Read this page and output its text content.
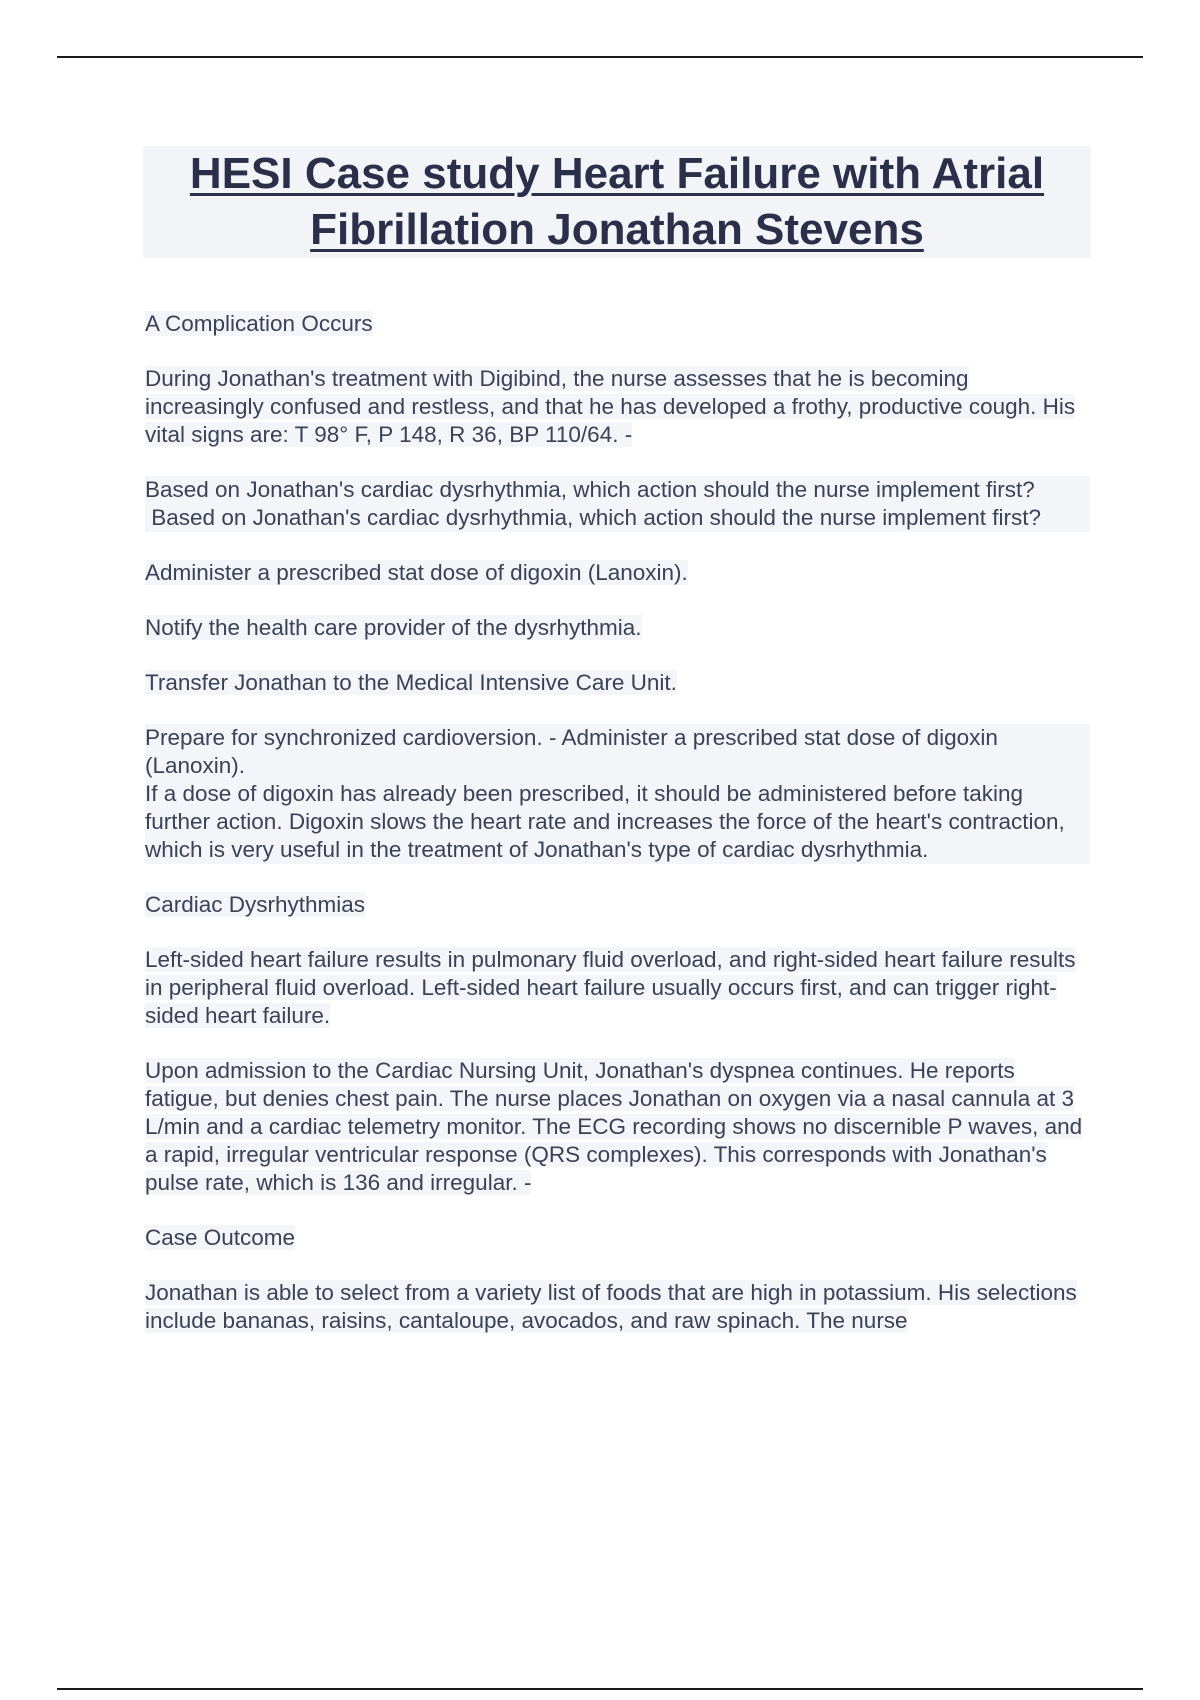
HESI Case study Heart Failure with Atrial
Fibrillation Jonathan Stevens

A Complication Occurs

During Jonathan's treatment with Digibind, the nurse assesses that he is becoming increasingly confused and restless, and that he has developed a frothy, productive cough. His vital signs are: T 98° F, P 148, R 36, BP 110/64. -

Based on Jonathan's cardiac dysrhythmia, which action should the nurse implement first?
Based on Jonathan's cardiac dysrhythmia, which action should the nurse implement first?

Administer a prescribed stat dose of digoxin (Lanoxin).

Notify the health care provider of the dysrhythmia.

Transfer Jonathan to the Medical Intensive Care Unit.

Prepare for synchronized cardioversion. - Administer a prescribed stat dose of digoxin (Lanoxin).
If a dose of digoxin has already been prescribed, it should be administered before taking further action. Digoxin slows the heart rate and increases the force of the heart's contraction, which is very useful in the treatment of Jonathan's type of cardiac dysrhythmia.

Cardiac Dysrhythmias

Left-sided heart failure results in pulmonary fluid overload, and right-sided heart failure results in peripheral fluid overload. Left-sided heart failure usually occurs first, and can trigger right-sided heart failure.

Upon admission to the Cardiac Nursing Unit, Jonathan's dyspnea continues. He reports fatigue, but denies chest pain. The nurse places Jonathan on oxygen via a nasal cannula at 3 L/min and a cardiac telemetry monitor. The ECG recording shows no discernible P waves, and a rapid, irregular ventricular response (QRS complexes). This corresponds with Jonathan's pulse rate, which is 136 and irregular. -

Case Outcome

Jonathan is able to select from a variety list of foods that are high in potassium. His selections include bananas, raisins, cantaloupe, avocados, and raw spinach. The nurse
